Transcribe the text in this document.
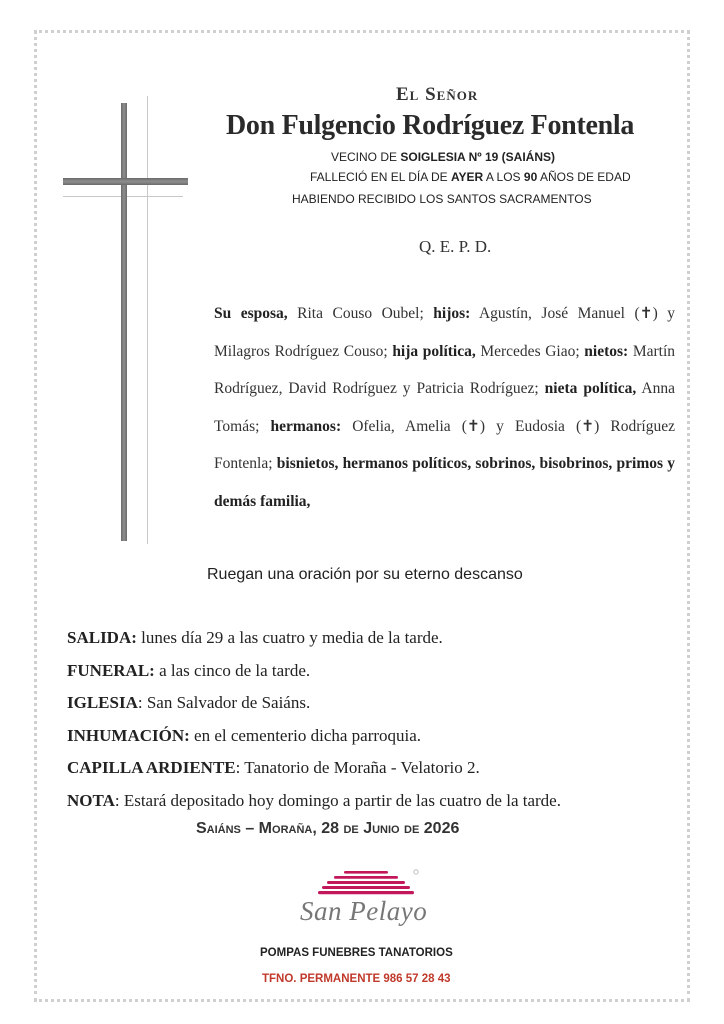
El Señor
Don Fulgencio Rodríguez Fontenla
VECINO DE SOIGLESIA Nº 19 (SAIÁNS)
FALLECIÓ EN EL DÍA DE AYER A LOS 90 AÑOS DE EDAD
HABIENDO RECIBIDO LOS SANTOS SACRAMENTOS
Q. E. P. D.
Su esposa, Rita Couso Oubel; hijos: Agustín, José Manuel (✝) y Milagros Rodríguez Couso; hija política, Mercedes Giao; nietos: Martín Rodríguez, David Rodríguez y Patricia Rodríguez; nieta política, Anna Tomás; hermanos: Ofelia, Amelia (✝) y Eudosia (✝) Rodríguez Fontenla; bisnietos, hermanos políticos, sobrinos, bisobrinos, primos y demás familia,
Ruegan una oración por su eterno descanso
SALIDA: lunes día 29 a las cuatro y media de la tarde.
FUNERAL: a las cinco de la tarde.
IGLESIA: San Salvador de Saiáns.
INHUMACIÓN: en el cementerio dicha parroquia.
CAPILLA ARDIENTE: Tanatorio de Moraña - Velatorio 2.
NOTA: Estará depositado hoy domingo a partir de las cuatro de la tarde.
Saiáns – Moraña, 28 de Junio de 2026
San Pelayo
POMPAS FUNEBRES TANATORIOS
TFNO. PERMANENTE 986 57 28 43
